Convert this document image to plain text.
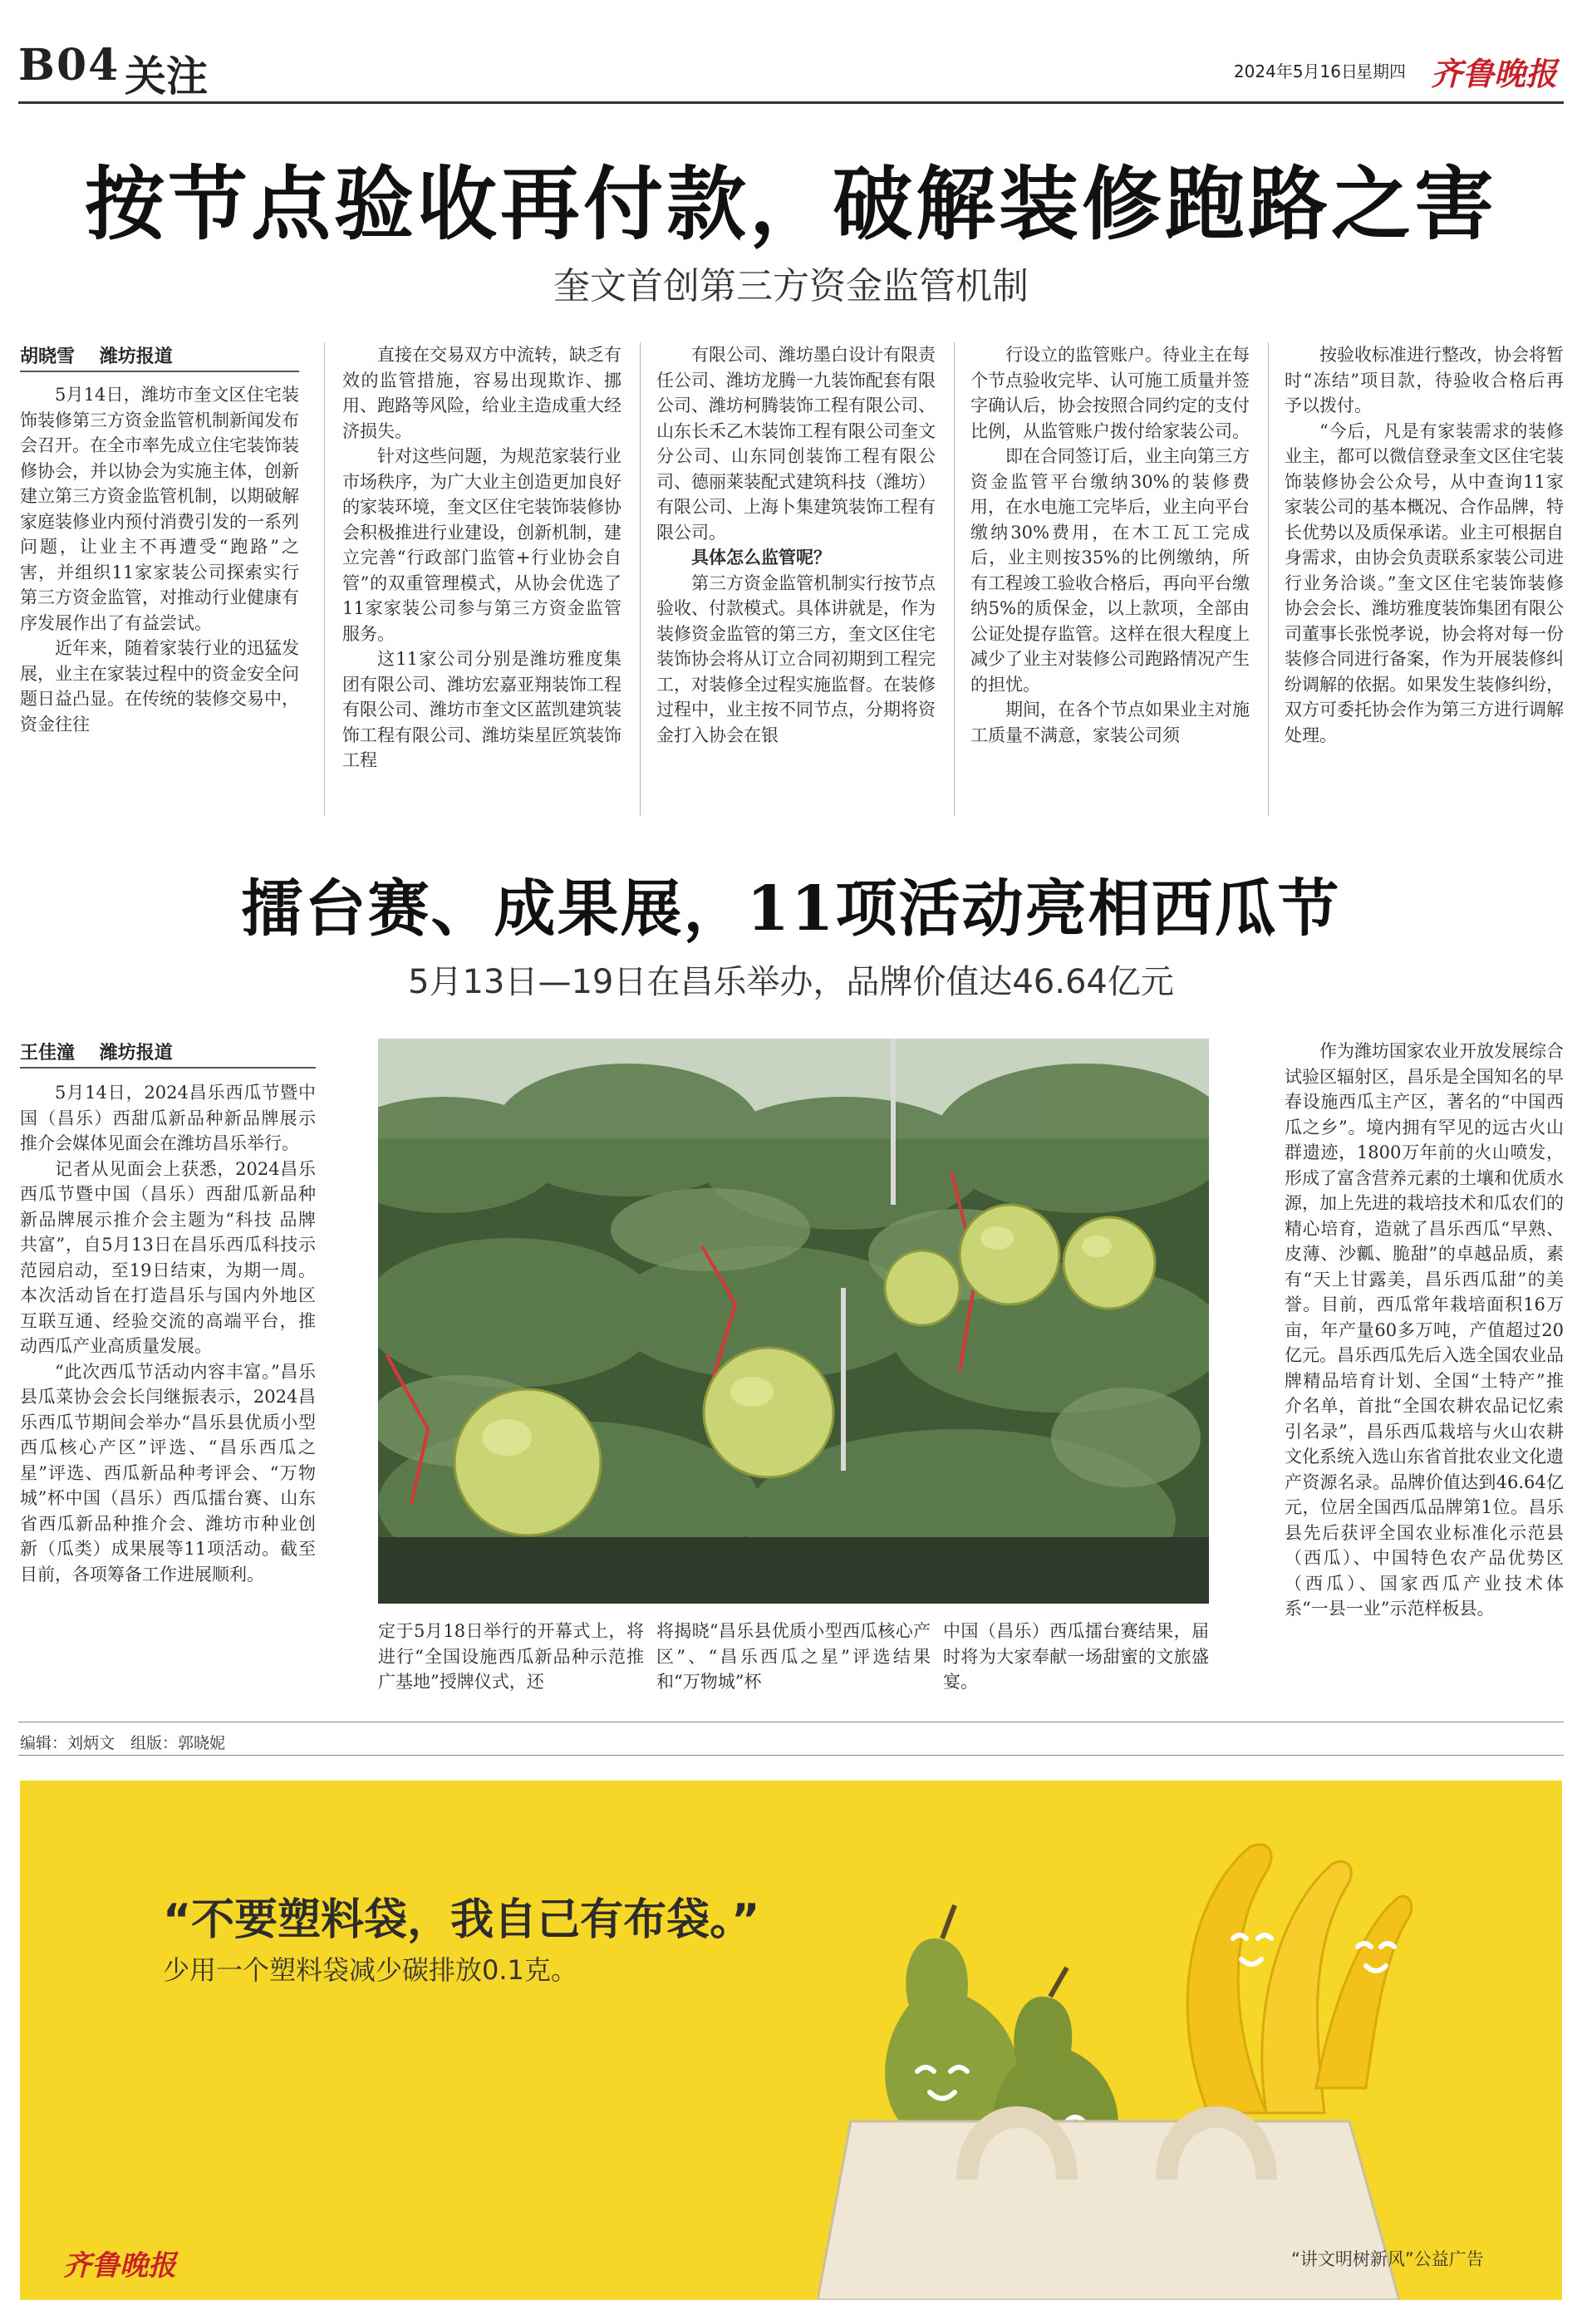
B04 关注	2024年5月16日
星期四 齐鲁晚报
按节点验收再付款，破解装修跑路之害
奎文首创第三方资金监管机制
胡晓雪 潍坊报道

5月14日，潍坊市奎文区住宅装饰装修第三方资金监管机制新闻发布会召开。在全市率先成立住宅装饰装修协会，并以协会为实施主体，创新建立第三方资金监管机制，以期破解家庭装修业内预付消费引发的一系列问题，让业主不再遭受“跑路”之害，并组织11家家装公司探索实行第三方资金监管，对推动行业健康有序发展作出了有益尝试。

近年来，随着家装行业的迅猛发展，业主在家装过程中的资金安全问题日益凸显。在传统的装修交易中，资金往往

直接在交易双方中流转，缺乏有效的监管措施，容易出现欺诈、挪用、跑路等风险，给业主造成重大经济损失。

针对这些问题，为规范家装行业市场秩序，为广大业主创造更加良好的家装环境，奎文区住宅装饰装修协会积极推进行业建设，创新机制，建立完善“行政部门监管+行业协会自管”的双重管理模式，从协会优选了11家家装公司参与第三方资金监管服务。

这11家公司分别是潍坊雅度集团有限公司、潍坊宏嘉亚翔装饰工程有限公司、潍坊市奎文区蓝凯建筑装饰工程有限公司、潍坊柒星匠筑装饰工程

有限公司、潍坊墨白设计有限责任公司、潍坊龙腾一九装饰配套有限公司、潍坊柯腾装饰工程有限公司、山东长禾乙木装饰工程有限公司奎文分公司、山东同创装饰工程有限公司、德丽莱装配式建筑科技（潍坊）有限公司、上海卜集建筑装饰工程有限公司。

具体怎么监管呢？

第三方资金监管机制实行按节点验收、付款模式。具体讲就是，作为装修资金监管的第三方，奎文区住宅装饰协会将从订立合同初期到工程完工，对装修全过程实施监督。在装修过程中，业主按不同节点，分期将资金打入协会在银

行设立的监管账户。待业主在每个节点验收完毕、认可施工质量并签字确认后，协会按照合同约定的支付比例，从监管账户拨付给家装公司。

即在合同签订后，业主向第三方资金监管平台缴纳30%的装修费用，在水电施工完毕后，业主向平台缴纳30%费用，在木工瓦工完成后，业主则按35%的比例缴纳，所有工程竣工验收合格后，再向平台缴纳5%的质保金，以上款项，全部由公证处提存监管。这样在很大程度上减少了业主对装修公司跑路情况产生的担忧。

期间，在各个节点如果业主对施工质量不满意，家装公司须

按验收标准进行整改，协会将暂时“冻结”项目款，待验收合格后再予以拨付。

“今后，凡是有家装需求的装修业主，都可以微信登录奎文区住宅装饰装修协会公众号，从中查询11家家装公司的基本概况、合作品牌，特长优势以及质保承诺。业主可根据自身需求，由协会负责联系家装公司进行业务洽谈。”奎文区住宅装饰装修协会会长、潍坊雅度装饰集团有限公司董事长张悦孝说，协会将对每一份装修合同进行备案，作为开展装修纠纷调解的依据。如果发生装修纠纷，双方可委托协会作为第三方进行调解处理。

擂台赛、成果展，11项活动亮相西瓜节
5月13日—19日在昌乐举办，品牌价值达46.64亿元
王佳潼 潍坊报道

5月14日，2024昌乐西瓜节暨中国（昌乐）西甜瓜新品种新品牌展示推介会媒体见面会在潍坊昌乐举行。

记者从见面会上获悉，2024昌乐西瓜节暨中国（昌乐）西甜瓜新品种新品牌展示推介会主题为“科技 品牌 共富”，自5月13日在昌乐西瓜科技示范园启动，至19日结束，为期一周。本次活动旨在打造昌乐与国内外地区互联互通、经验交流的高端平台，推动西瓜产业高质量发展。

“此次西瓜节活动内容丰富。”昌乐县瓜菜协会会长闫继振表示，2024昌乐西瓜节期间会举办“昌乐县优质小型西瓜核心产区”评选、“昌乐西瓜之星”评选、西瓜新品种考评会、“万物城”杯中国（昌乐）西瓜擂台赛、山东省西瓜新品种推介会、潍坊市种业创新（瓜类）成果展等11项活动。截至目前，各项筹备工作进展顺利。

定于5月18日举行的开幕式上，将进行“全国设施西瓜新品种示范推广基地”授牌仪式，还

将揭晓“昌乐县优质小型西瓜核心产区”、“昌乐西瓜之星”评选结果和“万物城”杯

中国（昌乐）西瓜擂台赛结果，届时将为大家奉献一场甜蜜的文旅盛宴。

作为潍坊国家农业开放发展综合试验区辐射区，昌乐是全国知名的早春设施西瓜主产区，著名的“中国西瓜之乡”。境内拥有罕见的远古火山群遗迹，1800万年前的火山喷发，形成了富含营养元素的土壤和优质水源，加上先进的栽培技术和瓜农们的精心培育，造就了昌乐西瓜“早熟、皮薄、沙瓤、脆甜”的卓越品质，素有“天上甘露美，昌乐西瓜甜”的美誉。目前，西瓜常年栽培面积16万亩，年产量60多万吨，产值超过20亿元。昌乐西瓜先后入选全国农业品牌精品培育计划、全国“土特产”推介名单，首批“全国农耕农品记忆索引名录”，昌乐西瓜栽培与火山农耕文化系统入选山东省首批农业文化遗产资源名录。品牌价值达到46.64亿元，位居全国西瓜品牌第1位。昌乐县先后获评全国农业标准化示范县（西瓜）、中国特色农产品优势区（西瓜）、国家西瓜产业技术体系“一县一业”示范样板县。

编辑：刘炳文　组版：郭晓妮
“不要塑料袋，我自己有布袋。”
少用一个塑料袋减少碳排放0.1克。
齐鲁晚报	“讲文明树新风”公益广告
